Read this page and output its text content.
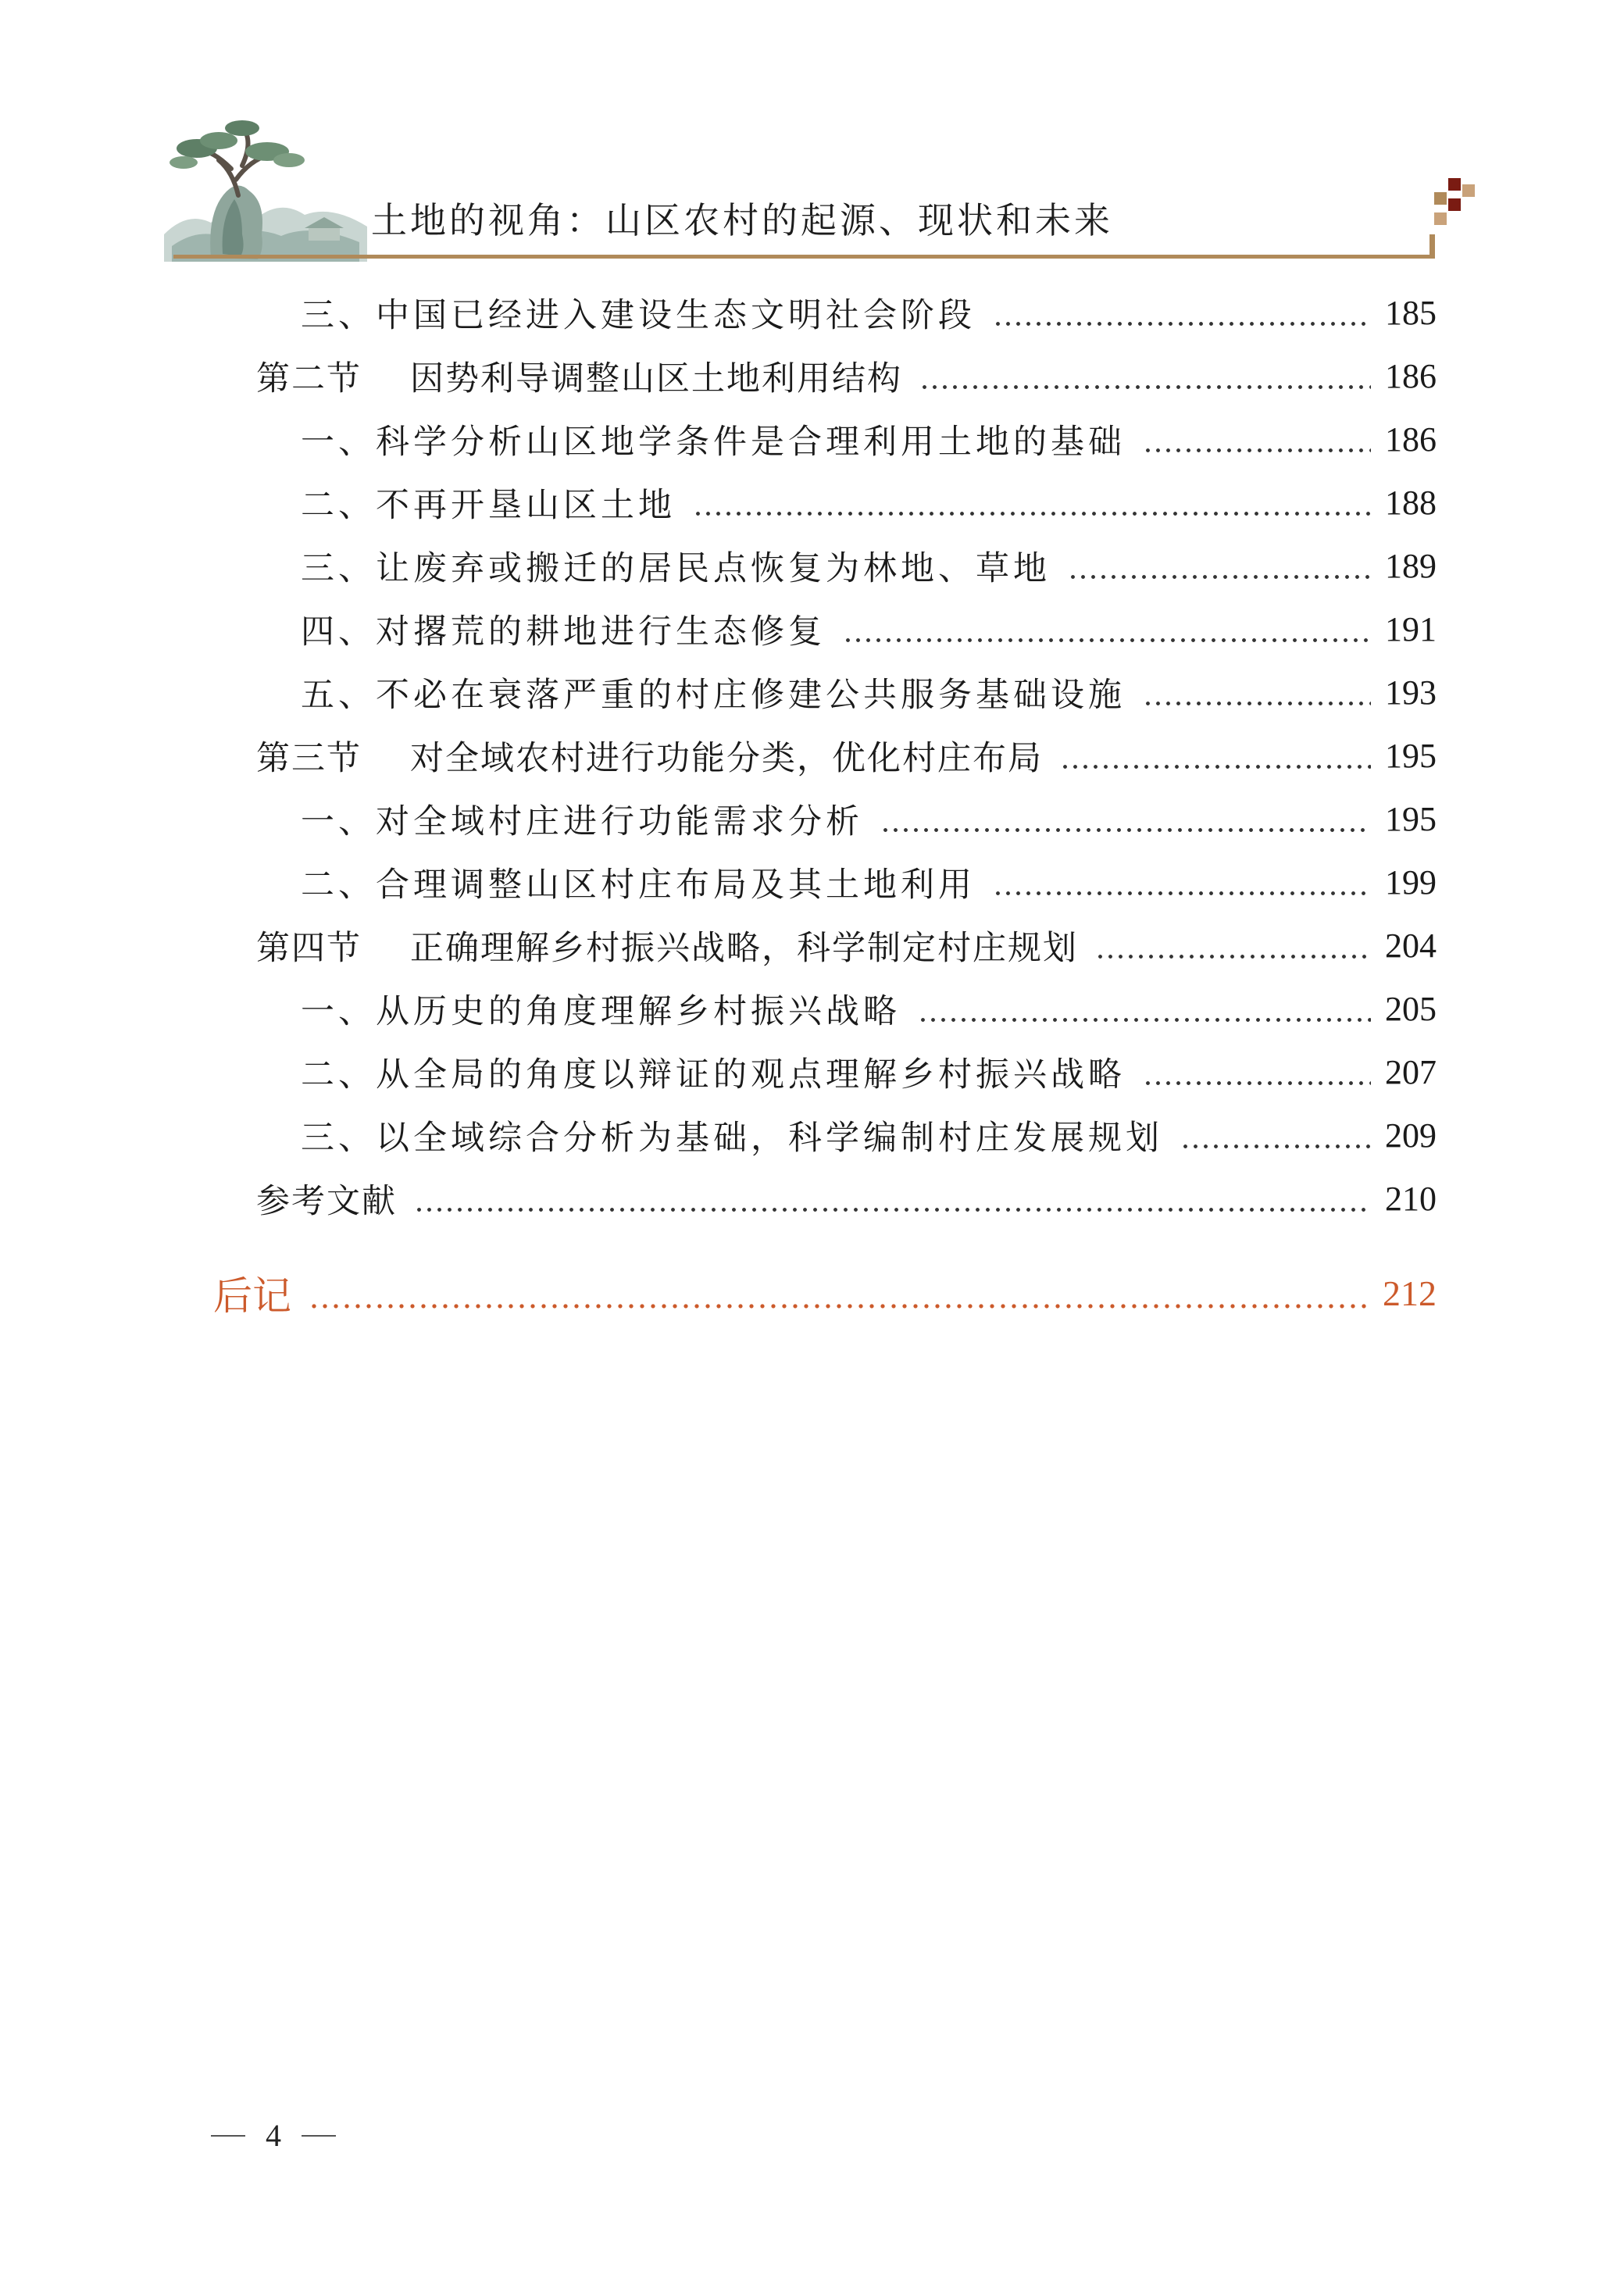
土地的视角：山区农村的起源、现状和未来
三、中国已经进入建设生态文明社会阶段	185
第二节 因势利导调整山区土地利用结构	186
一、科学分析山区地学条件是合理利用土地的基础	186
二、不再开垦山区土地	188
三、让废弃或搬迁的居民点恢复为林地、草地	189
四、对撂荒的耕地进行生态修复	191
五、不必在衰落严重的村庄修建公共服务基础设施	193
第三节 对全域农村进行功能分类，优化村庄布局	195
一、对全域村庄进行功能需求分析	195
二、合理调整山区村庄布局及其土地利用	199
第四节 正确理解乡村振兴战略，科学制定村庄规划	204
一、从历史的角度理解乡村振兴战略	205
二、从全局的角度以辩证的观点理解乡村振兴战略	207
三、以全域综合分析为基础，科学编制村庄发展规划	209
参考文献	210
后记	212
4
